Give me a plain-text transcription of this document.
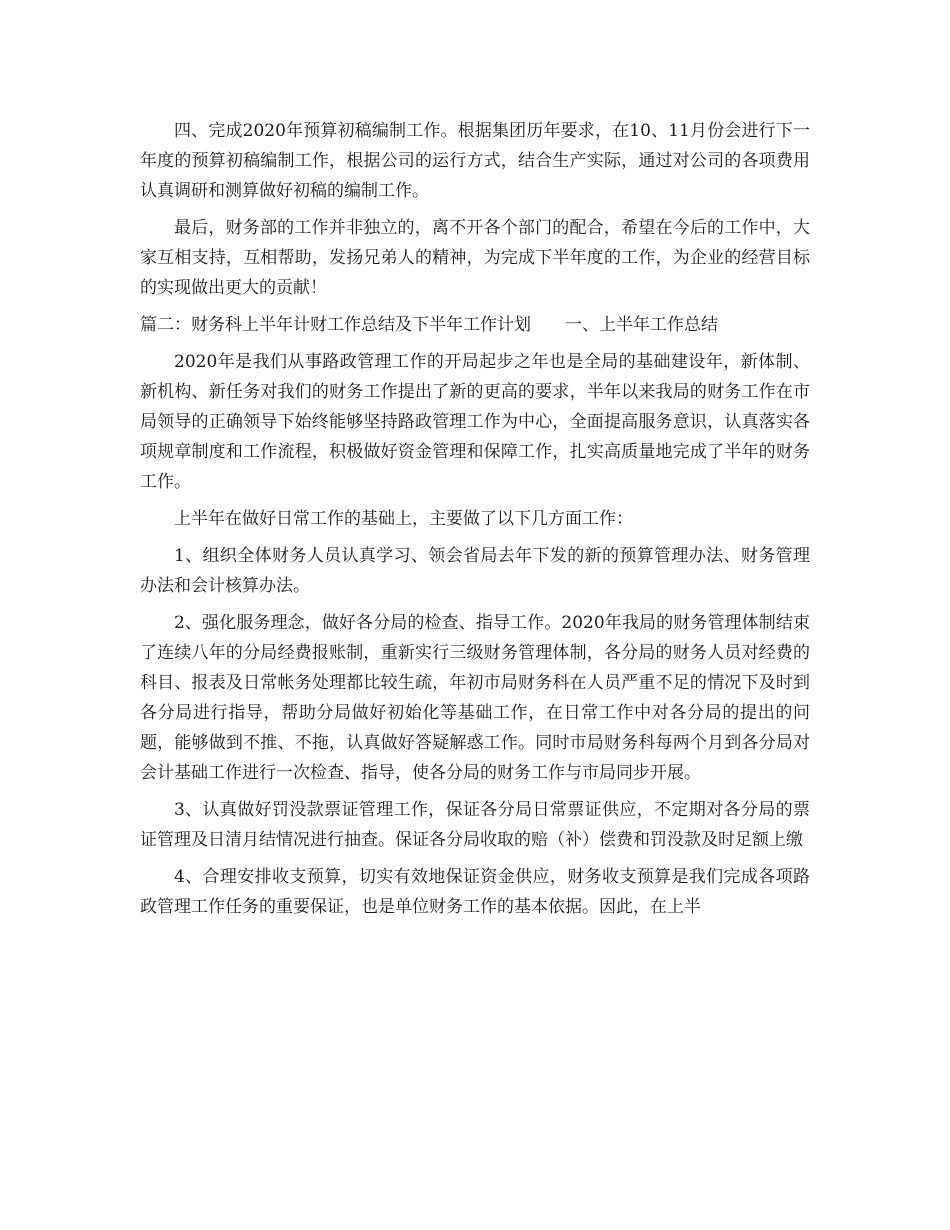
四、完成2020年预算初稿编制工作。根据集团历年要求，在10、11月份会进行下一年度的预算初稿编制工作，根据公司的运行方式，结合生产实际，通过对公司的各项费用认真调研和测算做好初稿的编制工作。

最后，财务部的工作并非独立的，离不开各个部门的配合，希望在今后的工作中，大家互相支持，互相帮助，发扬兄弟人的精神，为完成下半年度的工作，为企业的经营目标的实现做出更大的贡献！

篇二：财务科上半年计财工作总结及下半年工作计划　　一、上半年工作总结

2020年是我们从事路政管理工作的开局起步之年也是全局的基础建设年，新体制、新机构、新任务对我们的财务工作提出了新的更高的要求，半年以来我局的财务工作在市局领导的正确领导下始终能够坚持路政管理工作为中心，全面提高服务意识，认真落实各项规章制度和工作流程，积极做好资金管理和保障工作，扎实高质量地完成了半年的财务工作。

上半年在做好日常工作的基础上，主要做了以下几方面工作：

1、组织全体财务人员认真学习、领会省局去年下发的新的预算管理办法、财务管理办法和会计核算办法。

2、强化服务理念，做好各分局的检查、指导工作。2020年我局的财务管理体制结束了连续八年的分局经费报账制，重新实行三级财务管理体制，各分局的财务人员对经费的科目、报表及日常帐务处理都比较生疏，年初市局财务科在人员严重不足的情况下及时到各分局进行指导，帮助分局做好初始化等基础工作，在日常工作中对各分局的提出的问题，能够做到不推、不拖，认真做好答疑解惑工作。同时市局财务科每两个月到各分局对会计基础工作进行一次检查、指导，使各分局的财务工作与市局同步开展。

3、认真做好罚没款票证管理工作，保证各分局日常票证供应，不定期对各分局的票证管理及日清月结情况进行抽查。保证各分局收取的赔（补）偿费和罚没款及时足额上缴

4、合理安排收支预算，切实有效地保证资金供应，财务收支预算是我们完成各项路政管理工作任务的重要保证，也是单位财务工作的基本依据。因此，在上半
